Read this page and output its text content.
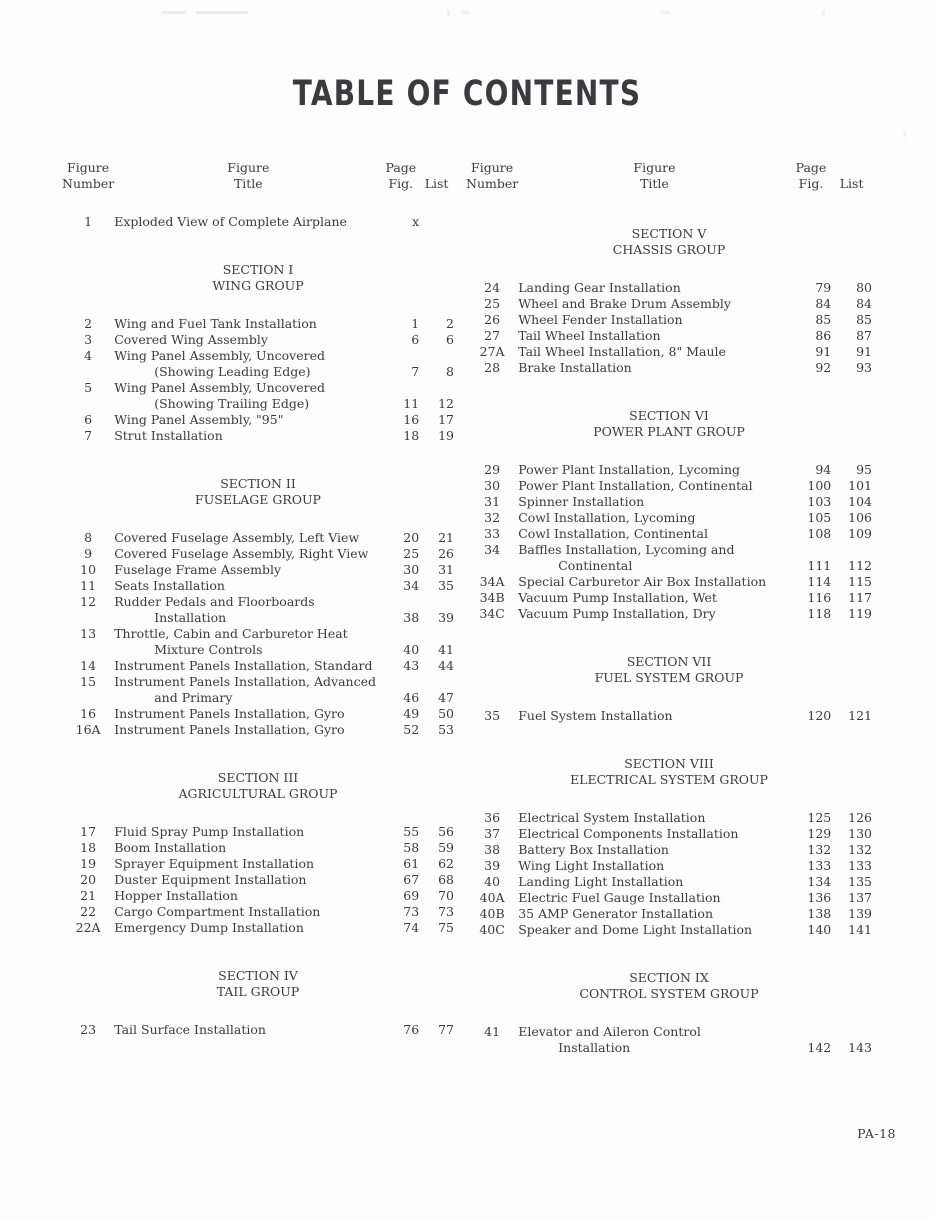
TABLE OF CONTENTS
Figure	Figure	Page	
Number	Title	Fig.	List

1	Exploded View of Complete Airplane	x	

SECTION I			
WING GROUP			

2	Wing and Fuel Tank Installation	1	2
3	Covered Wing Assembly	6	6
4	Wing Panel Assembly, Uncovered		
	(Showing Leading Edge)	7	8
5	Wing Panel Assembly, Uncovered		
	(Showing Trailing Edge)	11	12
6	Wing Panel Assembly, "95"	16	17
7	Strut Installation	18	19

SECTION II			
FUSELAGE GROUP			

8	Covered Fuselage Assembly, Left View	20	21
9	Covered Fuselage Assembly, Right View	25	26
10	Fuselage Frame Assembly	30	31
11	Seats Installation	34	35
12	Rudder Pedals and Floorboards		
	Installation	38	39
13	Throttle, Cabin and Carburetor Heat		
	Mixture Controls	40	41
14	Instrument Panels Installation, Standard	43	44
15	Instrument Panels Installation, Advanced		
	and Primary	46	47
16	Instrument Panels Installation, Gyro	49	50
16A	Instrument Panels Installation, Gyro	52	53

SECTION III			
AGRICULTURAL GROUP			

17	Fluid Spray Pump Installation	55	56
18	Boom Installation	58	59
19	Sprayer Equipment Installation	61	62
20	Duster Equipment Installation	67	68
21	Hopper Installation	69	70
22	Cargo Compartment Installation	73	73
22A	Emergency Dump Installation	74	75

SECTION IV			
TAIL GROUP			

23	Tail Surface Installation	76	77
Figure	Figure	Page	
Number	Title	Fig.	List

SECTION V			
CHASSIS GROUP			

24	Landing Gear Installation	79	80
25	Wheel and Brake Drum Assembly	84	84
26	Wheel Fender Installation	85	85
27	Tail Wheel Installation	86	87
27A	Tail Wheel Installation, 8" Maule	91	91
28	Brake Installation	92	93

SECTION VI			
POWER PLANT GROUP			

29	Power Plant Installation, Lycoming	94	95
30	Power Plant Installation, Continental	100	101
31	Spinner Installation	103	104
32	Cowl Installation, Lycoming	105	106
33	Cowl Installation, Continental	108	109
34	Baffles Installation, Lycoming and		
	Continental	111	112
34A	Special Carburetor Air Box Installation	114	115
34B	Vacuum Pump Installation, Wet	116	117
34C	Vacuum Pump Installation, Dry	118	119

SECTION VII			
FUEL SYSTEM GROUP			

35	Fuel System Installation	120	121

SECTION VIII			
ELECTRICAL SYSTEM GROUP			

36	Electrical System Installation	125	126
37	Electrical Components Installation	129	130
38	Battery Box Installation	132	132
39	Wing Light Installation	133	133
40	Landing Light Installation	134	135
40A	Electric Fuel Gauge Installation	136	137
40B	35 AMP Generator Installation	138	139
40C	Speaker and Dome Light Installation	140	141

SECTION IX			
CONTROL SYSTEM GROUP			

41	Elevator and Aileron Control		
	Installation	142	143
PA-18
